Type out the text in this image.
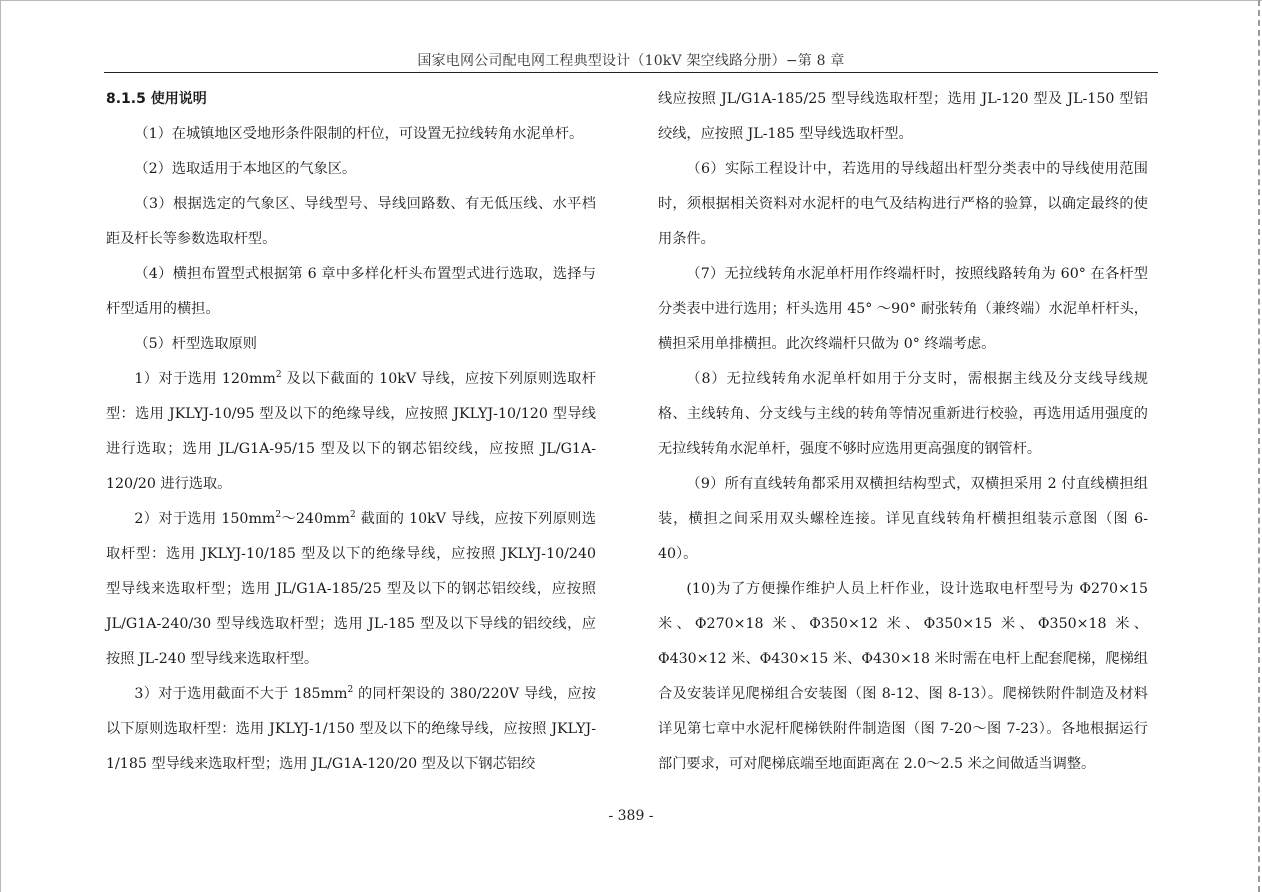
国家电网公司配电网工程典型设计（10kV 架空线路分册）−第 8 章

8.1.5 使用说明

（1）在城镇地区受地形条件限制的杆位，可设置无拉线转角水泥单杆。

（2）选取适用于本地区的气象区。

（3）根据选定的气象区、导线型号、导线回路数、有无低压线、水平档距及杆长等参数选取杆型。

（4）横担布置型式根据第 6 章中多样化杆头布置型式进行选取，选择与杆型适用的横担。

（5）杆型选取原则

1）对于选用 $120mm^2$ 及以下截面的 10kV 导线，应按下列原则选取杆型：选用 JKLYJ-10/95 型及以下的绝缘导线，应按照 JKLYJ-10/120 型导线进行选取；选用 JL/G1A-95/15 型及以下的钢芯铝绞线，应按照 JL/G1A-120/20 进行选取。

2）对于选用 $150mm^2\sim 240mm^2$ 截面的 10kV 导线，应按下列原则选取杆型：选用 JKLYJ-10/185 型及以下的绝缘导线，应按照 JKLYJ-10/240 型导线来选取杆型；选用 JL/G1A-185/25 型及以下的钢芯铝绞线，应按照 JL/G1A-240/30 型导线选取杆型；选用 JL-185 型及以下导线的铝绞线，应按照 JL-240 型导线来选取杆型。

3）对于选用截面不大于 $185mm^2$ 的同杆架设的 380/220V 导线，应按以下原则选取杆型：选用 JKLYJ-1/150 型及以下的绝缘导线，应按照 JKLYJ-1/185 型导线来选取杆型；选用 JL/G1A-120/20 型及以下钢芯铝绞

线应按照 JL/G1A-185/25 型导线选取杆型；选用 JL-120 型及 JL-150 型铝绞线，应按照 JL-185 型导线选取杆型。

（6）实际工程设计中，若选用的导线超出杆型分类表中的导线使用范围时，须根据相关资料对水泥杆的电气及结构进行严格的验算，以确定最终的使用条件。

（7）无拉线转角水泥单杆用作终端杆时，按照线路转角为 60° 在各杆型分类表中进行选用；杆头选用 45° ～90° 耐张转角（兼终端）水泥单杆杆头，横担采用单排横担。此次终端杆只做为 0° 终端考虑。

（8）无拉线转角水泥单杆如用于分支时，需根据主线及分支线导线规格、主线转角、分支线与主线的转角等情况重新进行校验，再选用适用强度的无拉线转角水泥单杆，强度不够时应选用更高强度的钢管杆。

（9）所有直线转角都采用双横担结构型式，双横担采用 2 付直线横担组装，横担之间采用双头螺栓连接。详见直线转角杆横担组装示意图（图 6-40）。

(10)为了方便操作维护人员上杆作业，设计选取电杆型号为 Φ270×15 米、Φ270×18 米、Φ350×12 米、Φ350×15 米、Φ350×18 米、Φ430×12 米、Φ430×15 米、Φ430×18 米时需在电杆上配套爬梯，爬梯组合及安装详见爬梯组合安装图（图 8-12、图 8-13）。爬梯铁附件制造及材料详见第七章中水泥杆爬梯铁附件制造图（图 7-20～图 7-23）。各地根据运行部门要求，可对爬梯底端至地面距离在 2.0～2.5 米之间做适当调整。

- 389 -
